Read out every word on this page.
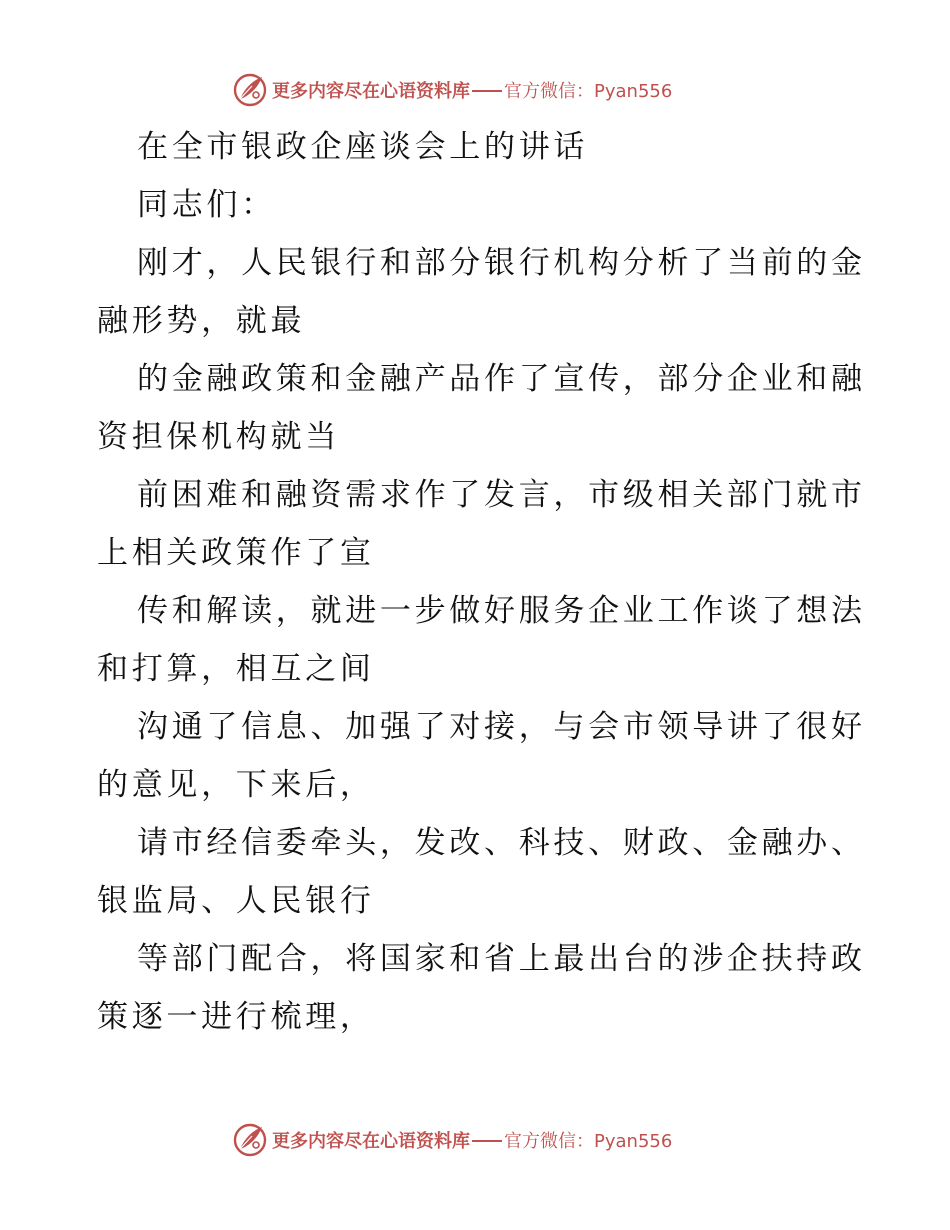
更多内容尽在心语资料库 官方微信：Pyan556
在全市银政企座谈会上的讲话
同志们：
刚才，人民银行和部分银行机构分析了当前的金
融形势，就最
的金融政策和金融产品作了宣传，部分企业和融
资担保机构就当
前困难和融资需求作了发言，市级相关部门就市
上相关政策作了宣
传和解读，就进一步做好服务企业工作谈了想法
和打算，相互之间
沟通了信息、加强了对接，与会市领导讲了很好
的意见，下来后，
请市经信委牵头，发改、科技、财政、金融办、
银监局、人民银行
等部门配合，将国家和省上最出台的涉企扶持政
策逐一进行梳理，
更多内容尽在心语资料库 官方微信：Pyan556
